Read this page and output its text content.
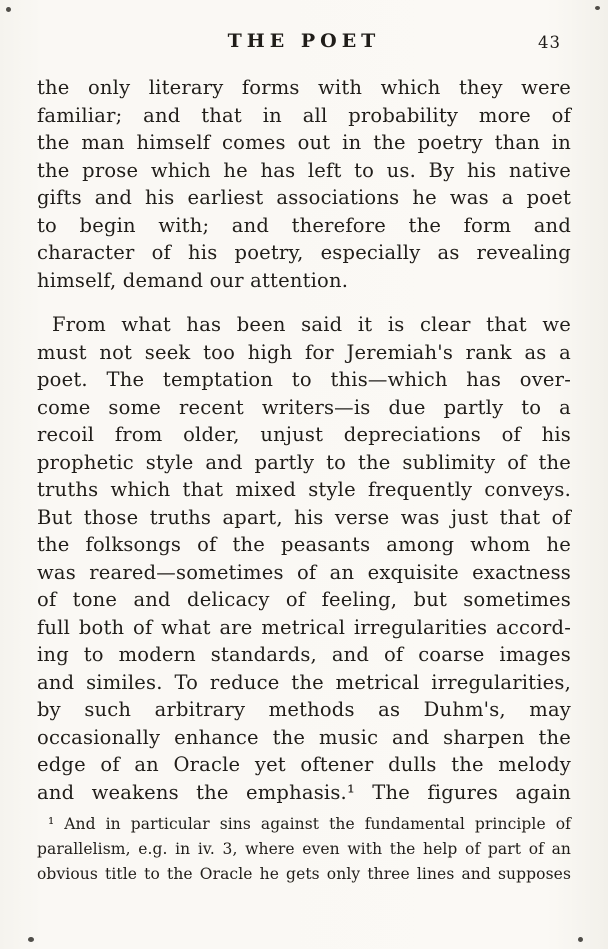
THE POET	43
the only literary forms with which they were
familiar; and that in all probability more of
the man himself comes out in the poetry than in
the prose which he has left to us. By his native
gifts and his earliest associations he was a poet
to begin with; and therefore the form and
character of his poetry, especially as revealing
himself, demand our attention.
From what has been said it is clear that we
must not seek too high for Jeremiah's rank as a
poet. The temptation to this—which has over-
come some recent writers—is due partly to a
recoil from older, unjust depreciations of his
prophetic style and partly to the sublimity of the
truths which that mixed style frequently conveys.
But those truths apart, his verse was just that of
the folksongs of the peasants among whom he
was reared—sometimes of an exquisite exactness
of tone and delicacy of feeling, but sometimes
full both of what are metrical irregularities accord-
ing to modern standards, and of coarse images
and similes. To reduce the metrical irregularities,
by such arbitrary methods as Duhm's, may
occasionally enhance the music and sharpen the
edge of an Oracle yet oftener dulls the melody
and weakens the emphasis.¹ The figures again
¹ And in particular sins against the fundamental principle of
parallelism, e.g. in iv. 3, where even with the help of part of an
obvious title to the Oracle he gets only three lines and supposes
